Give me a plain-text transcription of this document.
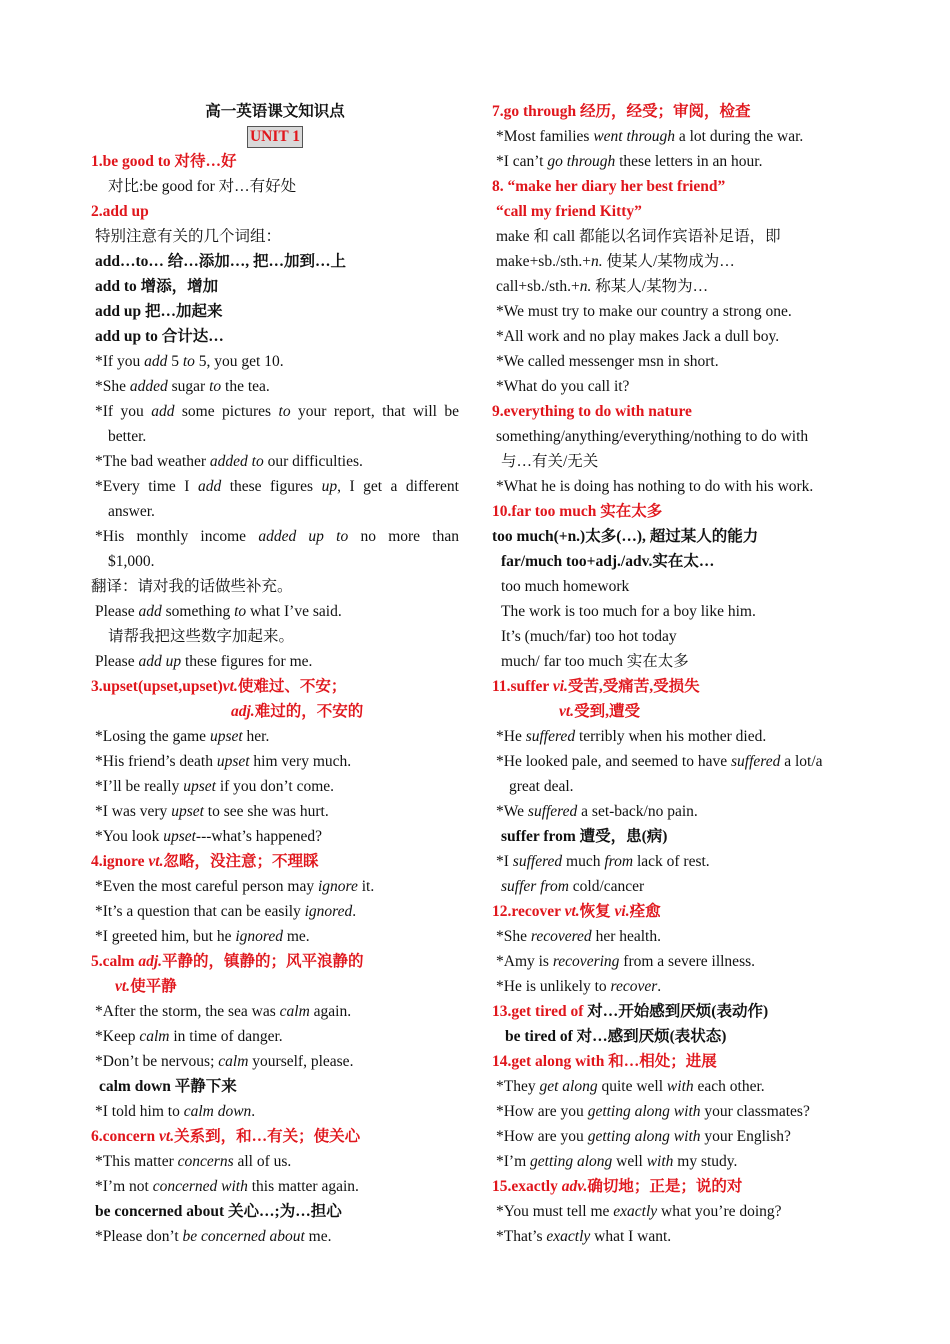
高一英语课文知识点
UNIT 1
1.be good to 对待…好
对比:be good for 对…有好处
2.add up
特别注意有关的几个词组：
add…to… 给…添加…, 把…加到…上
add to 增添，增加
add up 把…加起来
add up to 合计达…
*If you add 5 to 5, you get 10.
*She added sugar to the tea.
*If you add some pictures to your report, that will be
better.
*The bad weather added to our difficulties.
*Every time I add these figures up, I get a different
answer.
*His monthly income added up to no more than
$1,000.
翻译：请对我的话做些补充。
Please add something to what I’ve said.
请帮我把这些数字加起来。
Please add up these figures for me.
3.upset(upset,upset)vt.使难过、不安；
adj.难过的，不安的
*Losing the game upset her.
*His friend’s death upset him very much.
*I’ll be really upset if you don’t come.
*I was very upset to see she was hurt.
*You look upset---what’s happened?
4.ignore vt.忽略，没注意；不理睬
*Even the most careful person may ignore it.
*It’s a question that can be easily ignored.
*I greeted him, but he ignored me.
5.calm adj.平静的，镇静的；风平浪静的
vt.使平静
*After the storm, the sea was calm again.
*Keep calm in time of danger.
*Don’t be nervous; calm yourself, please.
calm down 平静下来
*I told him to calm down.
6.concern vt.关系到，和…有关；使关心
*This matter concerns all of us.
*I’m not concerned with this matter again.
be concerned about 关心…;为…担心
*Please don’t be concerned about me.
7.go through 经历，经受；审阅，检查
*Most families went through a lot during the war.
*I can’t go through these letters in an hour.
8. “make her diary her best friend”
“call my friend Kitty”
make 和 call 都能以名词作宾语补足语，即
make+sb./sth.+n. 使某人/某物成为…
call+sb./sth.+n. 称某人/某物为…
*We must try to make our country a strong one.
*All work and no play makes Jack a dull boy.
*We called messenger msn in short.
*What do you call it?
9.everything to do with nature
something/anything/everything/nothing to do with
与…有关/无关
*What he is doing has nothing to do with his work.
10.far too much 实在太多
too much(+n.)太多(…), 超过某人的能力
far/much too+adj./adv.实在太…
too much homework
The work is too much for a boy like him.
It’s (much/far) too hot today
much/ far too much 实在太多
11.suffer vi.受苦,受痛苦,受损失
vt.受到,遭受
*He suffered terribly when his mother died.
*He looked pale, and seemed to have suffered a lot/a
great deal.
*We suffered a set-back/no pain.
suffer from 遭受，患(病)
*I suffered much from lack of rest.
suffer from cold/cancer
12.recover vt.恢复 vi.痊愈
*She recovered her health.
*Amy is recovering from a severe illness.
*He is unlikely to recover.
13.get tired of 对…开始感到厌烦(表动作)
be tired of 对…感到厌烦(表状态)
14.get along with 和…相处；进展
*They get along quite well with each other.
*How are you getting along with your classmates?
*How are you getting along with your English?
*I’m getting along well with my study.
15.exactly adv.确切地；正是；说的对
*You must tell me exactly what you’re doing?
*That’s exactly what I want.
